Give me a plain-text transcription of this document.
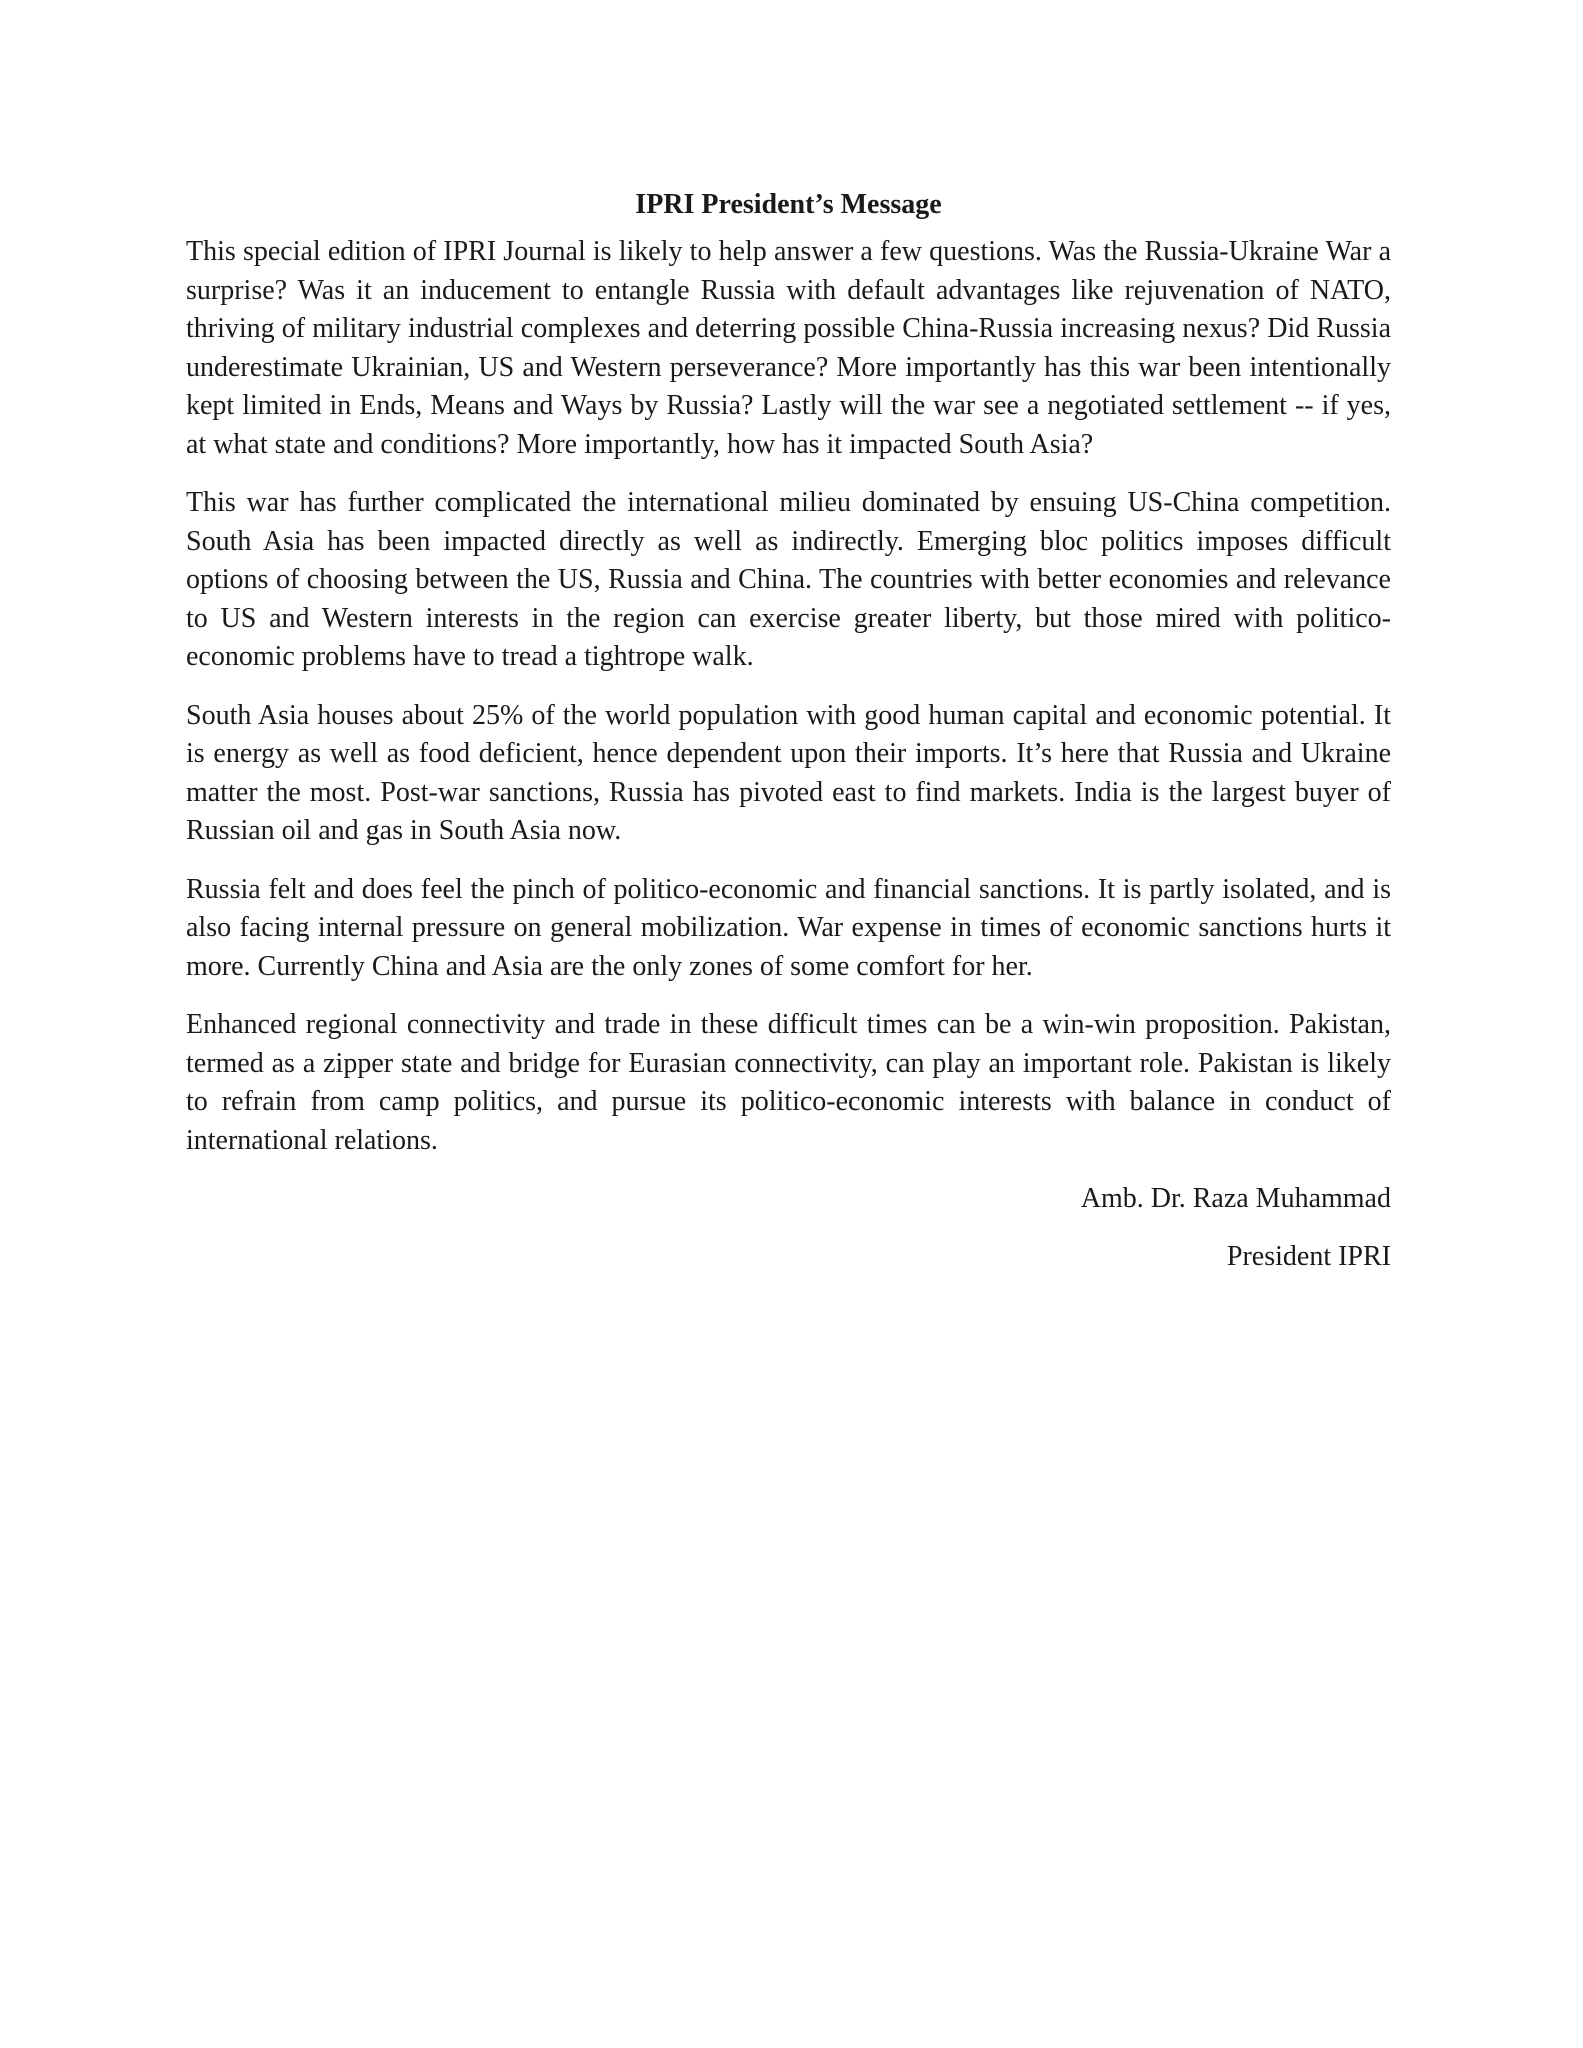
IPRI President’s Message

This special edition of IPRI Journal is likely to help answer a few questions. Was the Russia-Ukraine War a surprise? Was it an inducement to entangle Russia with default advantages like rejuvenation of NATO, thriving of military industrial complexes and deterring possible China-Russia increasing nexus? Did Russia underestimate Ukrainian, US and Western perseverance? More importantly has this war been intentionally kept limited in Ends, Means and Ways by Russia? Lastly will the war see a negotiated settlement -- if yes, at what state and conditions? More importantly, how has it impacted South Asia?

This war has further complicated the international milieu dominated by ensuing US-China competition. South Asia has been impacted directly as well as indirectly. Emerging bloc politics imposes difficult options of choosing between the US, Russia and China. The countries with better economies and relevance to US and Western interests in the region can exercise greater liberty, but those mired with politico-economic problems have to tread a tightrope walk.

South Asia houses about 25% of the world population with good human capital and economic potential. It is energy as well as food deficient, hence dependent upon their imports. It’s here that Russia and Ukraine matter the most. Post-war sanctions, Russia has pivoted east to find markets. India is the largest buyer of Russian oil and gas in South Asia now.

Russia felt and does feel the pinch of politico-economic and financial sanctions. It is partly isolated, and is also facing internal pressure on general mobilization. War expense in times of economic sanctions hurts it more. Currently China and Asia are the only zones of some comfort for her.

Enhanced regional connectivity and trade in these difficult times can be a win-win proposition. Pakistan, termed as a zipper state and bridge for Eurasian connectivity, can play an important role. Pakistan is likely to refrain from camp politics, and pursue its politico-economic interests with balance in conduct of international relations.

Amb. Dr. Raza Muhammad

President IPRI
